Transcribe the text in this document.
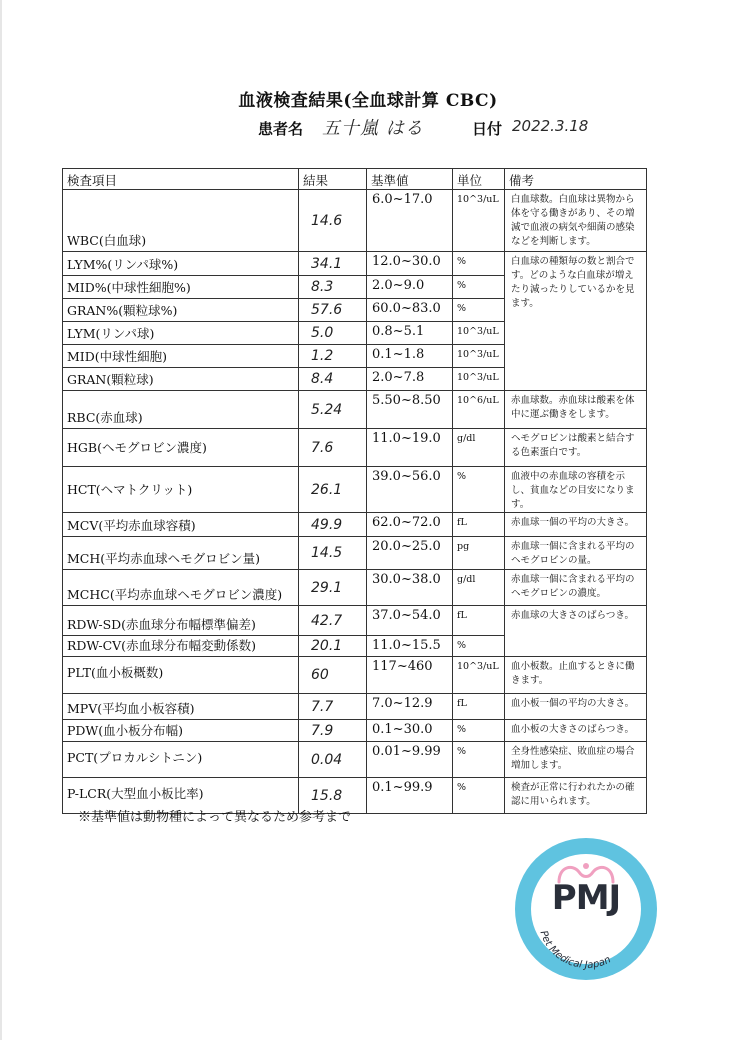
血液検査結果(全血球計算 CBC)
患者名 五十嵐 はる	日付 2022.3.18
検査項目	結果	基準値	単位	備考
WBC(白血球)	14.6	6.0~17.0	10^3/uL	白血球数。白血球は異物から体を守る働きがあり、その増減で血液の病気や細菌の感染などを判断します。
LYM%(リンパ球%)	34.1	12.0~30.0	%	白血球の種類毎の数と割合です。どのような白血球が増えたり減ったりしているかを見ます。
MID%(中球性細胞%)	8.3	2.0~9.0	%	
GRAN%(顆粒球%)	57.6	60.0~83.0	%	
LYM(リンパ球)	5.0	0.8~5.1	10^3/uL	
MID(中球性細胞)	1.2	0.1~1.8	10^3/uL	
GRAN(顆粒球)	8.4	2.0~7.8	10^3/uL	
RBC(赤血球)	5.24	5.50~8.50	10^6/uL	赤血球数。赤血球は酸素を体中に運ぶ働きをします。
HGB(ヘモグロビン濃度)	7.6	11.0~19.0	g/dl	ヘモグロビンは酸素と結合する色素蛋白です。
HCT(ヘマトクリット)	26.1	39.0~56.0	%	血液中の赤血球の容積を示し、貧血などの目安になります。
MCV(平均赤血球容積)	49.9	62.0~72.0	fL	赤血球一個の平均の大きさ。
MCH(平均赤血球ヘモグロビン量)	14.5	20.0~25.0	pg	赤血球一個に含まれる平均のヘモグロビンの量。
MCHC(平均赤血球ヘモグロビン濃度)	29.1	30.0~38.0	g/dl	赤血球一個に含まれる平均のヘモグロビンの濃度。
RDW-SD(赤血球分布幅標準偏差)	42.7	37.0~54.0	fL	赤血球の大きさのばらつき。
RDW-CV(赤血球分布幅変動係数)	20.1	11.0~15.5	%	
PLT(血小板概数)	60	117~460	10^3/uL	血小板数。止血するときに働きます。
MPV(平均血小板容積)	7.7	7.0~12.9	fL	血小板一個の平均の大きさ。
PDW(血小板分布幅)	7.9	0.1~30.0	%	血小板の大きさのばらつき。
PCT(プロカルシトニン)	0.04	0.01~9.99	%	全身性感染症、敗血症の場合増加します。
P-LCR(大型血小板比率)	15.8	0.1~99.9	%	検査が正常に行われたかの確認に用いられます。
※基準値は動物種によって異なるため参考まで
PMJ
Pet Medical Japan
